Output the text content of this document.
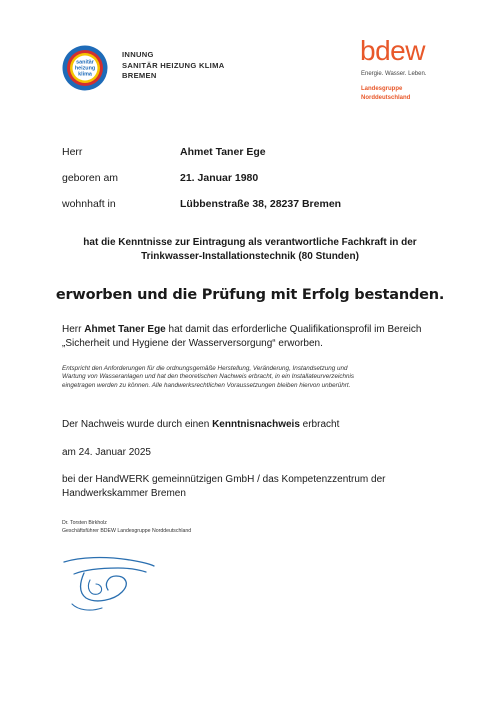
sanitär
heizung
klima
INNUNG
SANITÄR HEIZUNG KLIMA
BREMEN
bdew
Energie. Wasser. Leben.
Landesgruppe
Norddeutschland
Herr	Ahmet Taner Ege
geboren am	21. Januar 1980
wohnhaft in	Lübbenstraße 38, 28237 Bremen
hat die Kenntnisse zur Eintragung als verantwortliche Fachkraft in der
Trinkwasser-Installationstechnik (80 Stunden)
erworben und die Prüfung mit Erfolg bestanden.
Herr Ahmet Taner Ege hat damit das erforderliche Qualifikationsprofil im Bereich „Sicherheit und Hygiene der Wasserversorgung“ erworben.
Entspricht den Anforderungen für die ordnungsgemäße Herstellung, Veränderung, Instandsetzung und
Wartung von Wasseranlagen und hat den theoretischen Nachweis erbracht, in ein Installateurverzeichnis
eingetragen werden zu können. Alle handwerksrechtlichen Voraussetzungen bleiben hiervon unberührt.
Der Nachweis wurde durch einen Kenntnisnachweis erbracht
am 24. Januar 2025
bei der HandWERK gemeinnützigen GmbH / das Kompetenzzentrum der Handwerkskammer Bremen
Dr. Torsten Birkholz
Geschäftsführer BDEW Landesgruppe Norddeutschland
